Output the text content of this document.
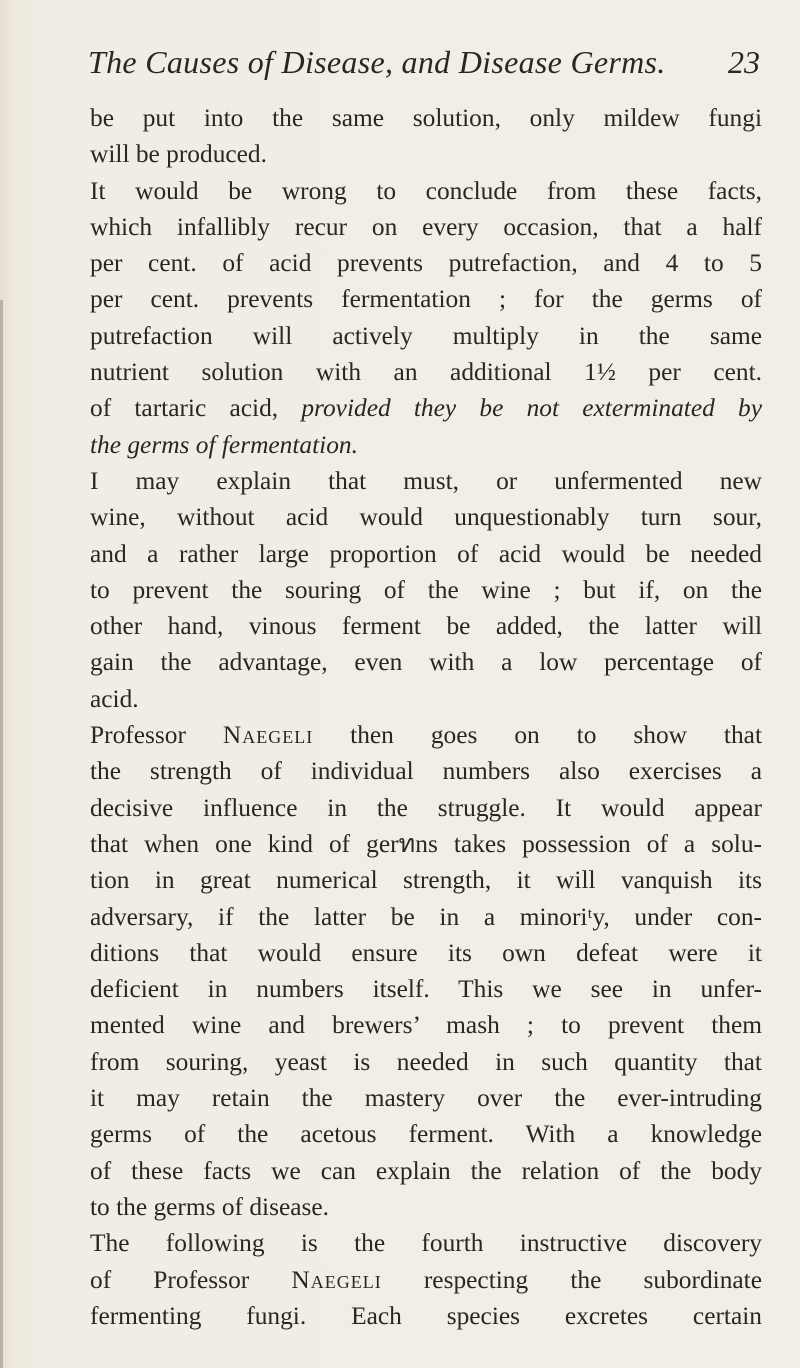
The Causes of Disease, and Disease Germs. 23
be put into the same solution, only mildew fungi
will be produced.
It would be wrong to conclude from these facts,
which infallibly recur on every occasion, that a half
per cent. of acid prevents putrefaction, and 4 to 5
per cent. prevents fermentation ; for the germs of
putrefaction will actively multiply in the same
nutrient solution with an additional 1½ per cent.
of tartaric acid, provided they be not exterminated by
the germs of fermentation.
I may explain that must, or unfermented new
wine, without acid would unquestionably turn sour,
and a rather large proportion of acid would be needed
to prevent the souring of the wine ; but if, on the
other hand, vinous ferment be added, the latter will
gain the advantage, even with a low percentage of
acid.
Professor Naegeli then goes on to show that
the strength of individual numbers also exercises a
decisive influence in the struggle. It would appear
that when one kind of gerทns takes possession of a solu-
tion in great numerical strength, it will vanquish its
adversary, if the latter be in a minoriᵗy, under con-
ditions that would ensure its own defeat were it
deficient in numbers itself. This we see in unfer-
mented wine and brewers’ mash ; to prevent them
from souring, yeast is needed in such quantity that
it may retain the mastery over the ever-intruding
germs of the acetous ferment. With a knowledge
of these facts we can explain the relation of the body
to the germs of disease.
The following is the fourth instructive discovery
of Professor Naegeli respecting the subordinate
fermenting fungi. Each species excretes certain
